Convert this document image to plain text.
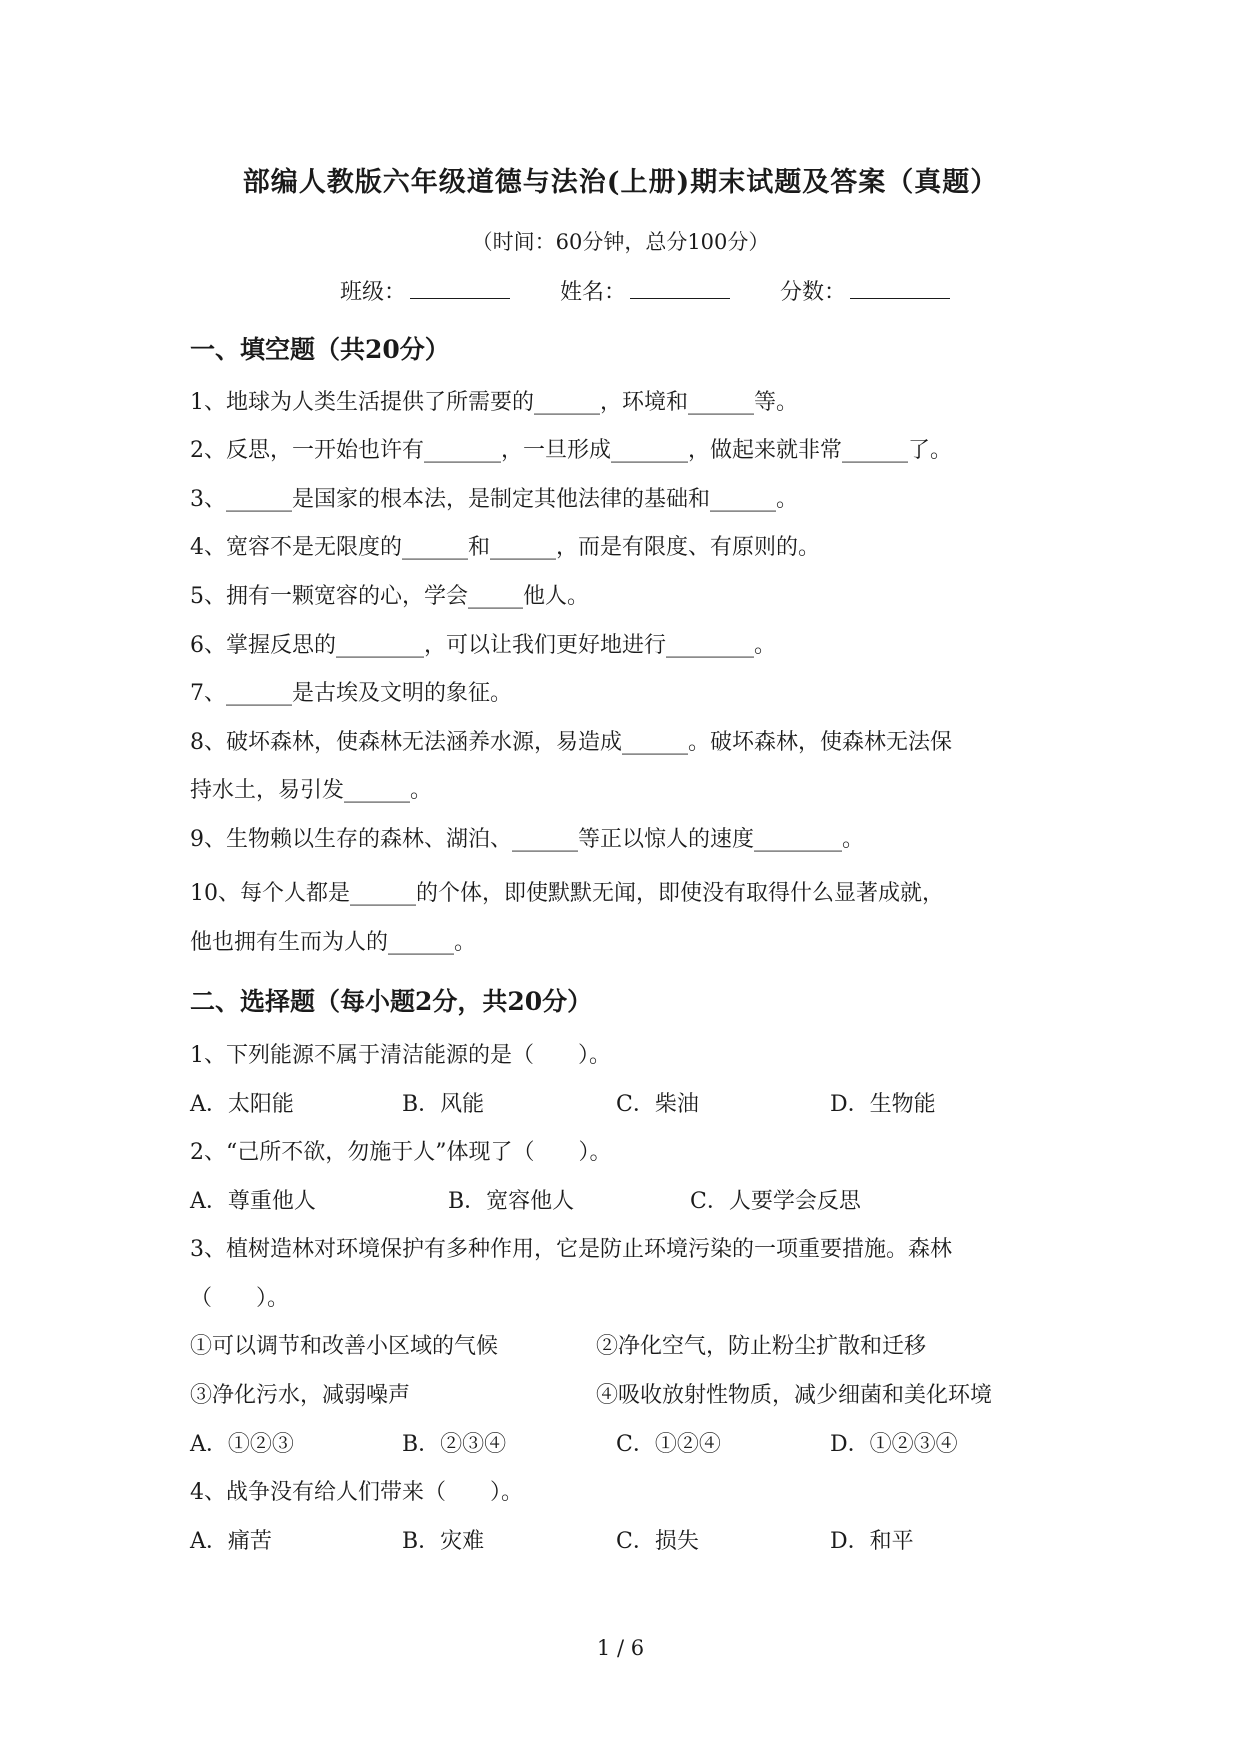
部编人教版六年级道德与法治(上册)期末试题及答案（真题）
（时间：60分钟，总分100分）
班级：	姓名：	分数：
一、填空题（共20分）
1、地球为人类生活提供了所需要的______，环境和______等。
2、反思，一开始也许有_______，一旦形成_______，做起来就非常______了。
3、______是国家的根本法，是制定其他法律的基础和______。
4、宽容不是无限度的______和______，而是有限度、有原则的。
5、拥有一颗宽容的心，学会_____他人。
6、掌握反思的________，可以让我们更好地进行________。
7、______是古埃及文明的象征。
8、破坏森林，使森林无法涵养水源，易造成______。破坏森林，使森林无法保
持水土，易引发______。
9、生物赖以生存的森林、湖泊、______等正以惊人的速度________。
10、每个人都是______的个体，即使默默无闻，即使没有取得什么显著成就，
他也拥有生而为人的______。
二、选择题（每小题2分，共20分）
1、下列能源不属于清洁能源的是（　　）。
A．太阳能	B．风能	C．柴油	D．生物能
2、“己所不欲，勿施于人”体现了（　　）。
A．尊重他人	B．宽容他人	C．人要学会反思
3、植树造林对环境保护有多种作用，它是防止环境污染的一项重要措施。森林
（　　）。
①可以调节和改善小区域的气候	②净化空气，防止粉尘扩散和迁移
③净化污水，减弱噪声	④吸收放射性物质，减少细菌和美化环境
A．①②③	B．②③④	C．①②④	D．①②③④
4、战争没有给人们带来（　　）。
A．痛苦	B．灾难	C．损失	D．和平
1 / 6
